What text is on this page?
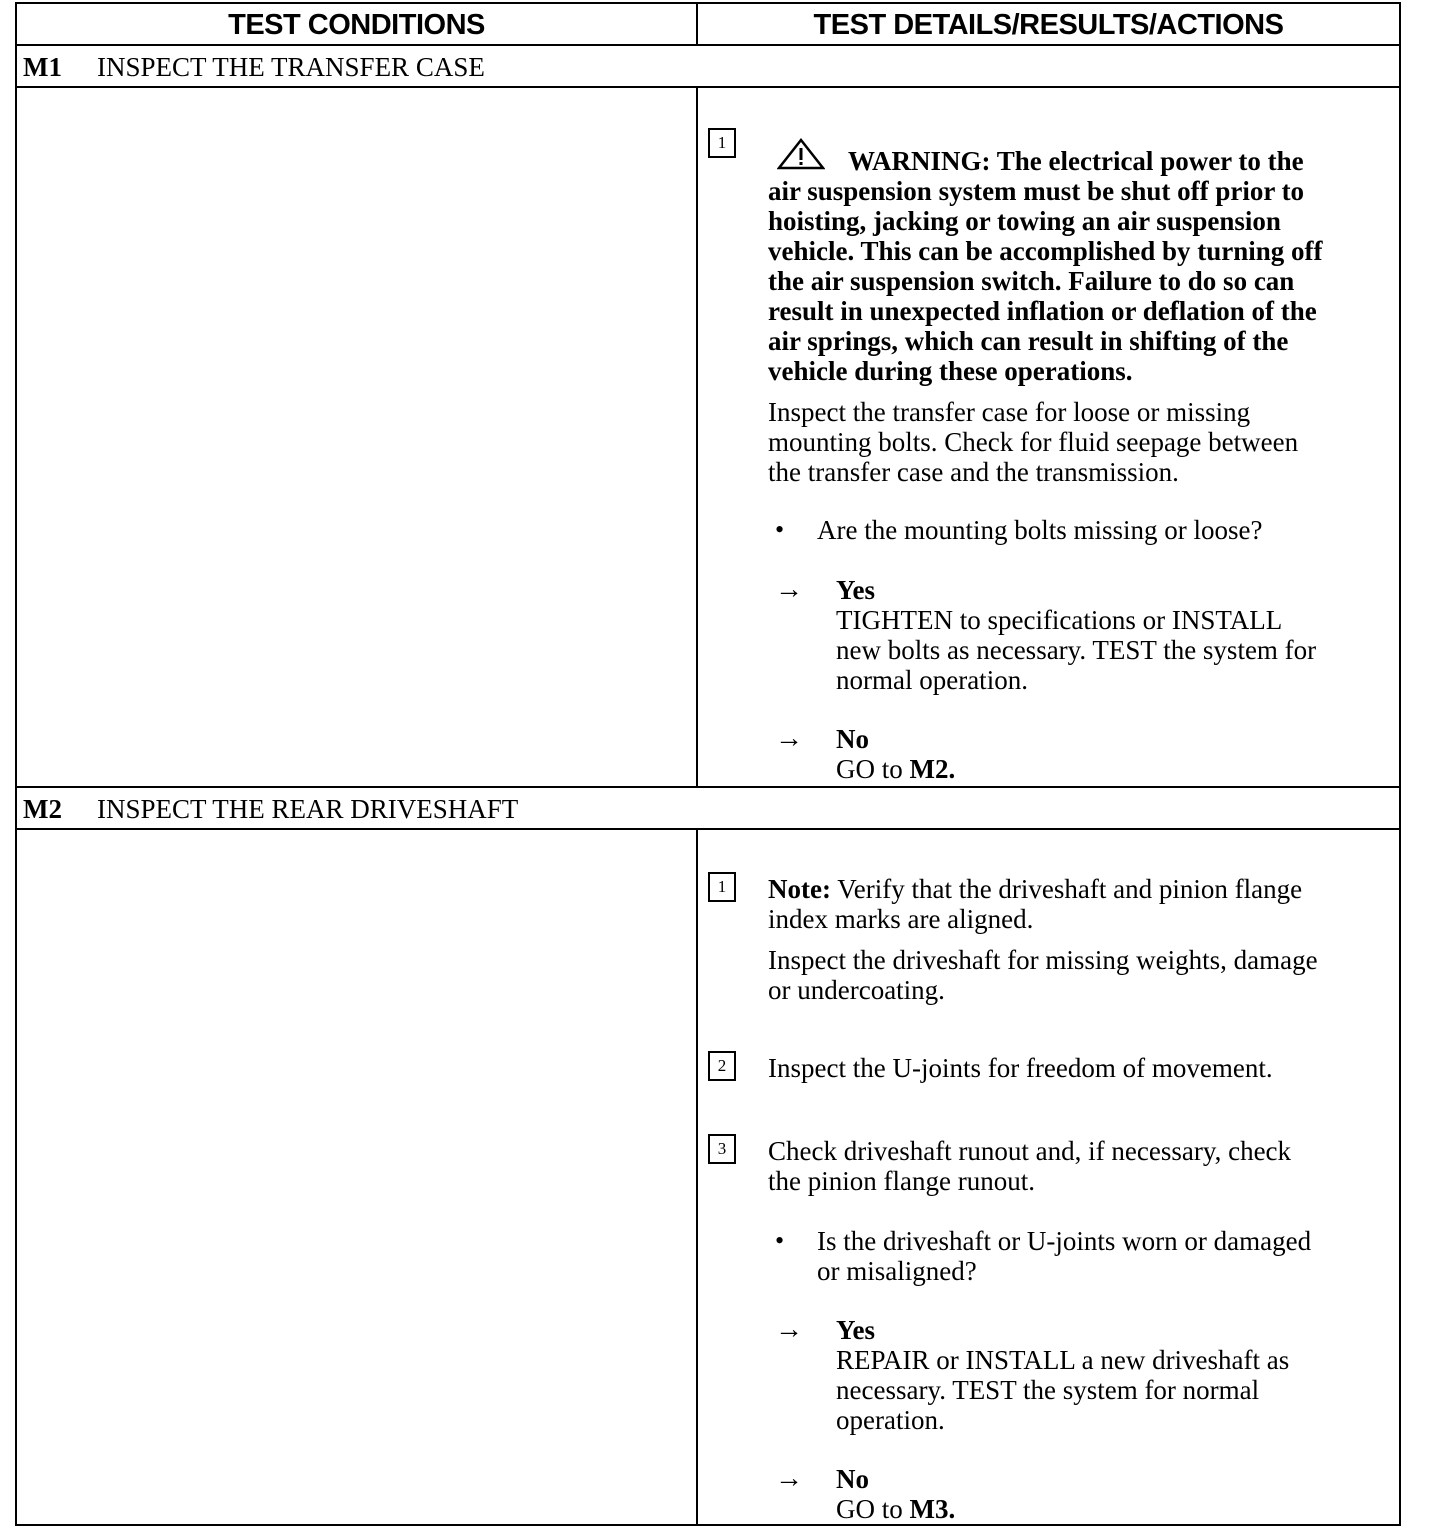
TEST CONDITIONS	TEST DETAILS/RESULTS/ACTIONS
M1 INSPECT THE TRANSFER CASE
1
WARNING: The electrical power to the
air suspension system must be shut off prior to
hoisting, jacking or towing an air suspension
vehicle. This can be accomplished by turning off
the air suspension switch. Failure to do so can
result in unexpected inflation or deflation of the
air springs, which can result in shifting of the
vehicle during these operations.
Inspect the transfer case for loose or missing
mounting bolts. Check for fluid seepage between
the transfer case and the transmission.
• Are the mounting bolts missing or loose?
→ Yes
TIGHTEN to specifications or INSTALL
new bolts as necessary. TEST the system for
normal operation.
→ No
GO to M2.
M2 INSPECT THE REAR DRIVESHAFT
1	Note: Verify that the driveshaft and pinion flange
index marks are aligned.
Inspect the driveshaft for missing weights, damage
or undercoating.
2	Inspect the U-joints for freedom of movement.
3	Check driveshaft runout and, if necessary, check
the pinion flange runout.
• Is the driveshaft or U-joints worn or damaged
or misaligned?
→ Yes
REPAIR or INSTALL a new driveshaft as
necessary. TEST the system for normal
operation.
→ No
GO to M3.
